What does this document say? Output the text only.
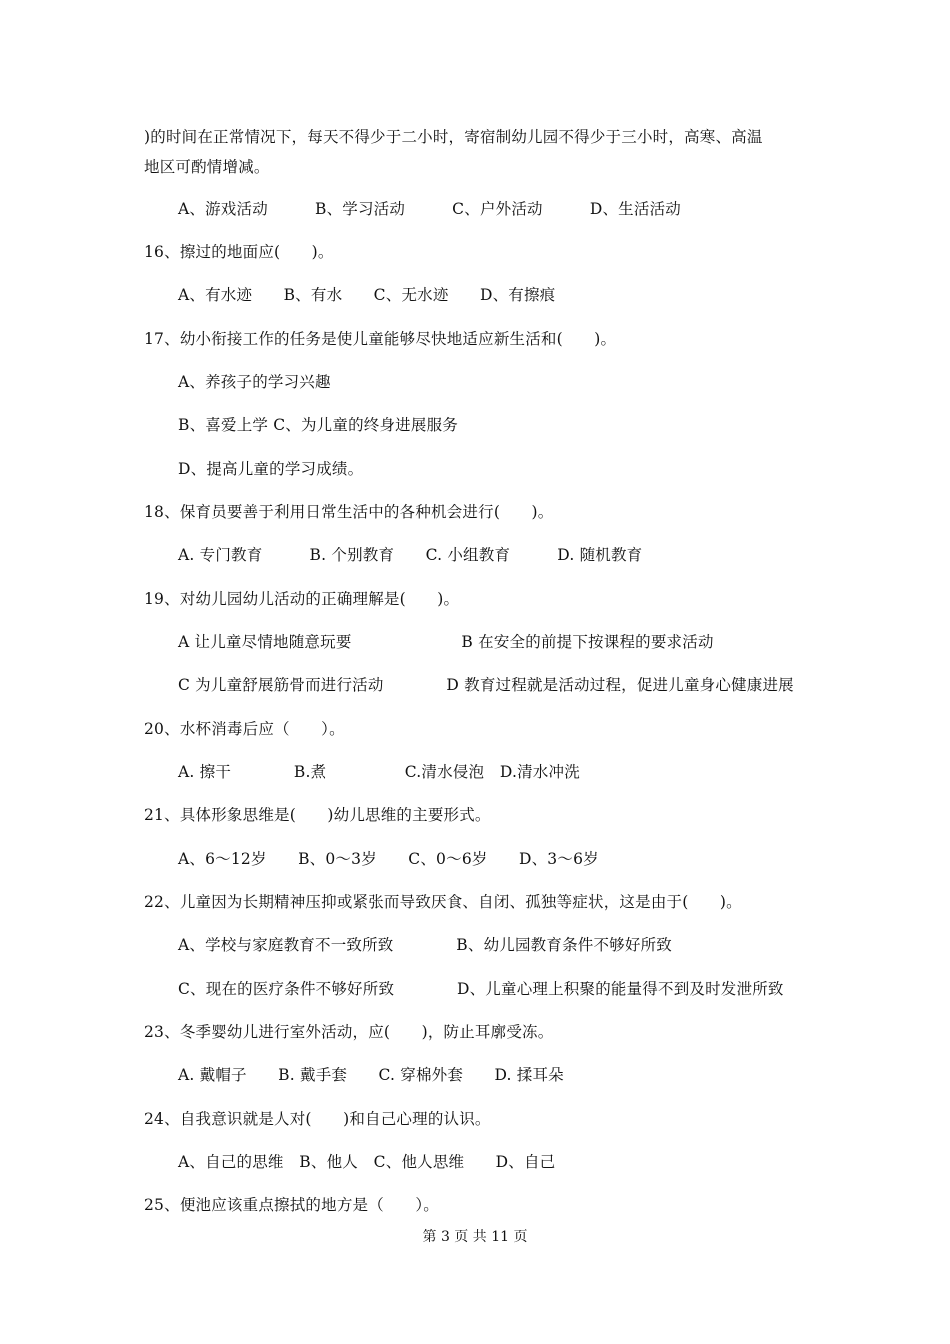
)的时间在正常情况下，每天不得少于二小时，寄宿制幼儿园不得少于三小时，高寒、高温
地区可酌情增减。
A、游戏活动　　　B、学习活动　　　C、户外活动　　　D、生活活动
16、擦过的地面应(　　)。
A、有水迹　　B、有水　　C、无水迹　　D、有擦痕
17、幼小衔接工作的任务是使儿童能够尽快地适应新生活和(　　)。
A、养孩子的学习兴趣
B、喜爱上学 C、为儿童的终身进展服务
D、提高儿童的学习成绩。
18、保育员要善于利用日常生活中的各种机会进行(　　)。
A. 专门教育　　　B. 个别教育　　C. 小组教育　　　D. 随机教育
19、对幼儿园幼儿活动的正确理解是(　　)。
A 让儿童尽情地随意玩要　　　　　　　B 在安全的前提下按课程的要求活动
C 为儿童舒展筋骨而进行活动　　　　D 教育过程就是活动过程，促进儿童身心健康进展
20、水杯消毒后应（　　）。
A. 擦干　　　　B.煮　　　　　C.清水侵泡　D.清水冲洗
21、具体形象思维是(　　)幼儿思维的主要形式。
A、6～12岁　　B、0～3岁　　C、0～6岁　　D、3～6岁
22、儿童因为长期精神压抑或紧张而导致厌食、自闭、孤独等症状，这是由于(　　)。
A、学校与家庭教育不一致所致　　　　B、幼儿园教育条件不够好所致
C、现在的医疗条件不够好所致　　　　D、儿童心理上积聚的能量得不到及时发泄所致
23、冬季婴幼儿进行室外活动，应(　　)，防止耳廓受冻。
A. 戴帽子　　B. 戴手套　　C. 穿棉外套　　D. 揉耳朵
24、自我意识就是人对(　　)和自己心理的认识。
A、自己的思维　B、他人　C、他人思维　　D、自己
25、便池应该重点擦拭的地方是（　　）。
第 3 页 共 11 页
